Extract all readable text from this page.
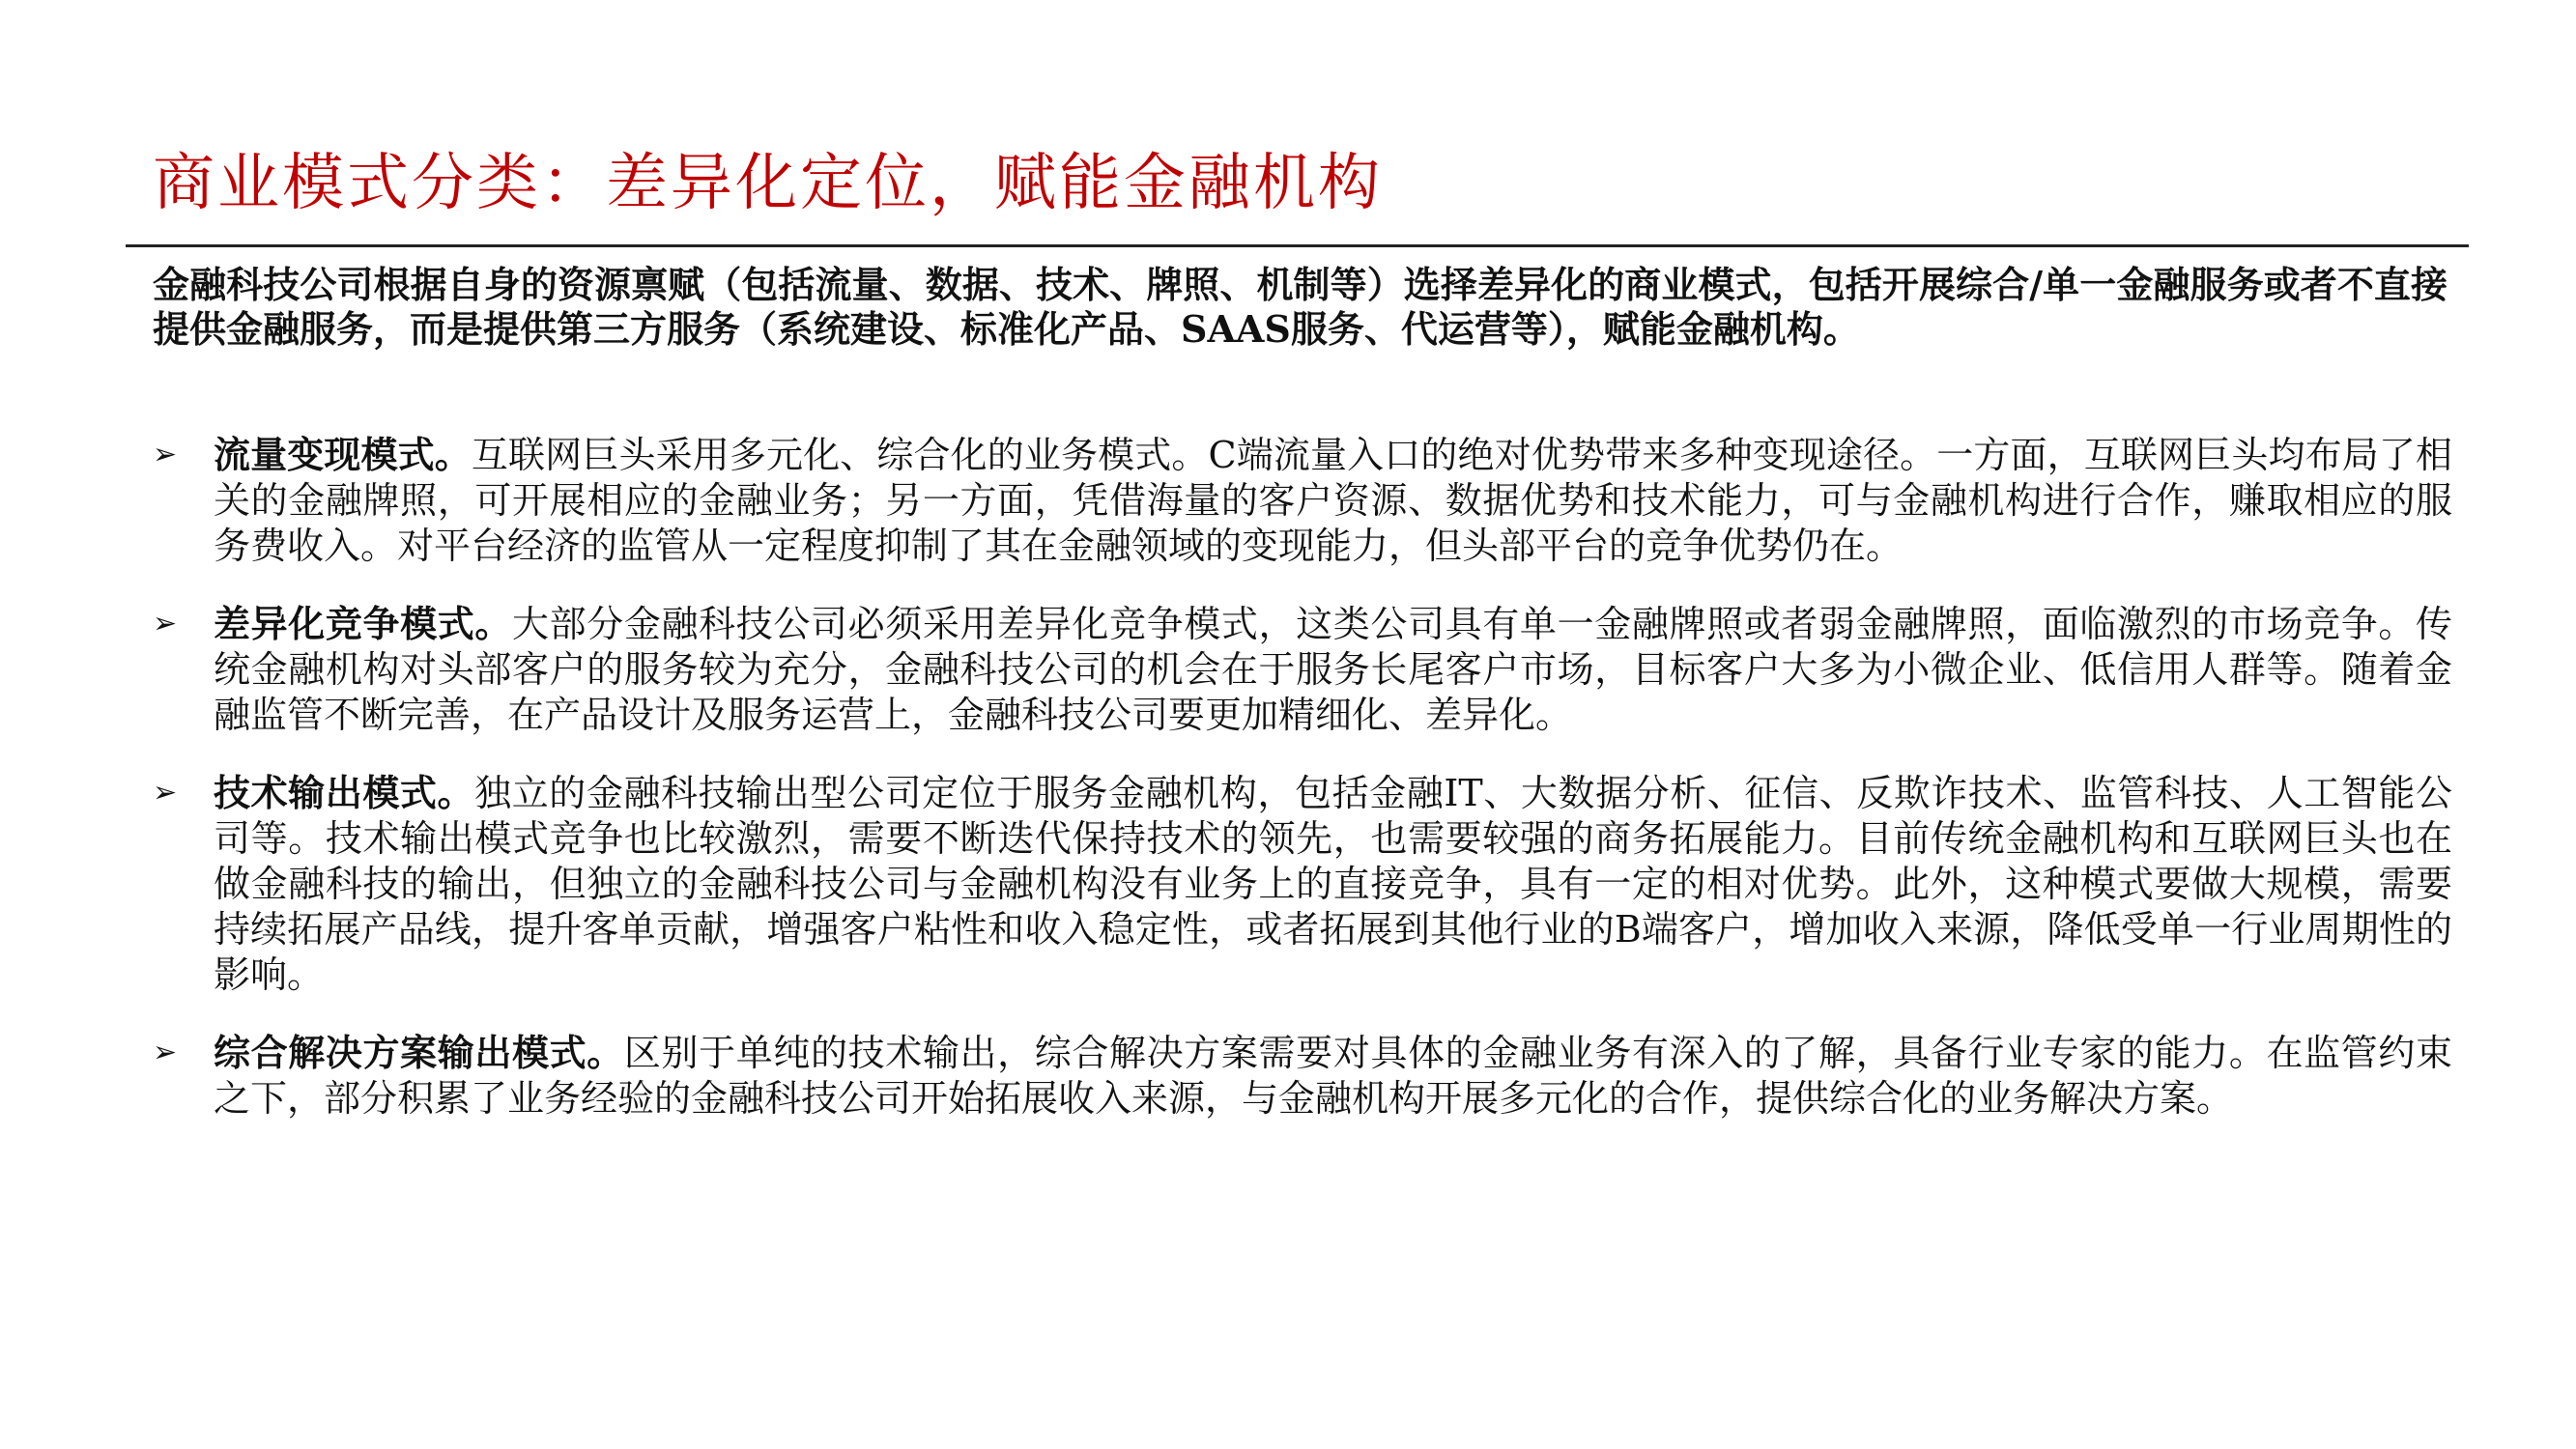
商业模式分类：差异化定位，赋能金融机构
金融科技公司根据自身的资源禀赋（包括流量、数据、技术、牌照、机制等）选择差异化的商业模式，包括开展综合/单一金融服务或者不直接提供金融服务，而是提供第三方服务（系统建设、标准化产品、SAAS服务、代运营等），赋能金融机构。
➢ 流量变现模式。互联网巨头采用多元化、综合化的业务模式。C端流量入口的绝对优势带来多种变现途径。一方面，互联网巨头均布局了相关的金融牌照，可开展相应的金融业务；另一方面，凭借海量的客户资源、数据优势和技术能力，可与金融机构进行合作，赚取相应的服务费收入。对平台经济的监管从一定程度抑制了其在金融领域的变现能力，但头部平台的竞争优势仍在。
➢ 差异化竞争模式。大部分金融科技公司必须采用差异化竞争模式，这类公司具有单一金融牌照或者弱金融牌照，面临激烈的市场竞争。传统金融机构对头部客户的服务较为充分，金融科技公司的机会在于服务长尾客户市场，目标客户大多为小微企业、低信用人群等。随着金融监管不断完善，在产品设计及服务运营上，金融科技公司要更加精细化、差异化。
➢ 技术输出模式。独立的金融科技输出型公司定位于服务金融机构，包括金融IT、大数据分析、征信、反欺诈技术、监管科技、人工智能公司等。技术输出模式竞争也比较激烈，需要不断迭代保持技术的领先，也需要较强的商务拓展能力。目前传统金融机构和互联网巨头也在做金融科技的输出，但独立的金融科技公司与金融机构没有业务上的直接竞争，具有一定的相对优势。此外，这种模式要做大规模，需要持续拓展产品线，提升客单贡献，增强客户粘性和收入稳定性，或者拓展到其他行业的B端客户，增加收入来源，降低受单一行业周期性的影响。
➢ 综合解决方案输出模式。区别于单纯的技术输出，综合解决方案需要对具体的金融业务有深入的了解，具备行业专家的能力。在监管约束之下，部分积累了业务经验的金融科技公司开始拓展收入来源，与金融机构开展多元化的合作，提供综合化的业务解决方案。
